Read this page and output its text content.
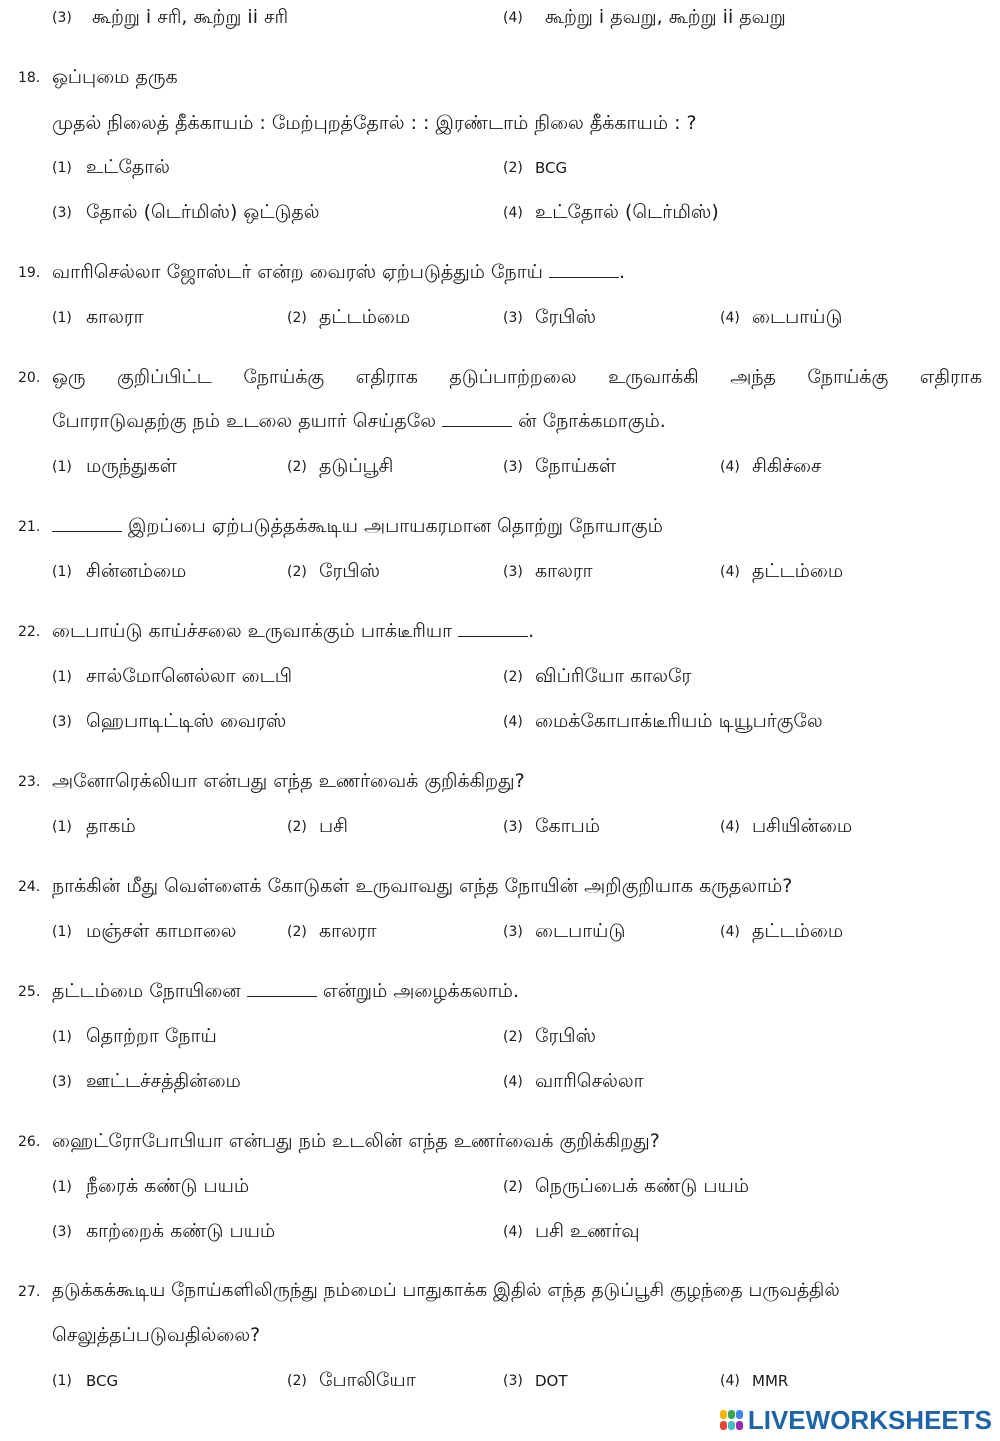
(3) கூற்று i சரி, கூற்று ii சரி	(4) கூற்று i தவறு, கூற்று ii தவறு
18. ஒப்புமை தருக
முதல் நிலைத் தீக்காயம் : மேற்புறத்தோல் : : இரண்டாம் நிலை தீக்காயம் : ?
(1) உட்தோல்	(2) BCG
(3) தோல் (டெர்மிஸ்) ஒட்டுதல்	(4) உட்தோல் (டெர்மிஸ்)
19. வாரிசெல்லா ஜோஸ்டர் என்ற வைரஸ் ஏற்படுத்தும் நோய்	.
(1) காலரா	(2) தட்டம்மை	(3) ரேபிஸ்	(4) டைபாய்டு
20. ஒரு குறிப்பிட்ட நோய்க்கு எதிராக தடுப்பாற்றலை உருவாக்கி அந்த நோய்க்கு எதிராக
போராடுவதற்கு நம் உடலை தயார் செய்தலே	ன் நோக்கமாகும்.
(1) மருந்துகள்	(2) தடுப்பூசி	(3) நோய்கள்	(4) சிகிச்சை
21.	இறப்பை ஏற்படுத்தக்கூடிய அபாயகரமான தொற்று நோயாகும்
(1) சின்னம்மை	(2) ரேபிஸ்	(3) காலரா	(4) தட்டம்மை
22. டைபாய்டு காய்ச்சலை உருவாக்கும் பாக்டீரியா	.
(1) சால்மோனெல்லா டைபி	(2) விப்ரியோ காலரே
(3) ஹெபாடிட்டிஸ் வைரஸ்	(4) மைக்கோபாக்டீரியம் டியூபர்குலே
23. அனோரெக்லியா என்பது எந்த உணர்வைக் குறிக்கிறது?
(1) தாகம்	(2) பசி	(3) கோபம்	(4) பசியின்மை
24. நாக்கின் மீது வெள்ளைக் கோடுகள் உருவாவது எந்த நோயின் அறிகுறியாக கருதலாம்?
(1) மஞ்சள் காமாலை	(2) காலரா	(3) டைபாய்டு	(4) தட்டம்மை
25. தட்டம்மை நோயினை	என்றும் அழைக்கலாம்.
(1) தொற்றா நோய்	(2) ரேபிஸ்
(3) ஊட்டச்சத்தின்மை	(4) வாரிசெல்லா
26. ஹைட்ரோபோபியா என்பது நம் உடலின் எந்த உணர்வைக் குறிக்கிறது?
(1) நீரைக் கண்டு பயம்	(2) நெருப்பைக் கண்டு பயம்
(3) காற்றைக் கண்டு பயம்	(4) பசி உணர்வு
27. தடுக்கக்கூடிய நோய்களிலிருந்து நம்மைப் பாதுகாக்க இதில் எந்த தடுப்பூசி குழந்தை பருவத்தில்
செலுத்தப்படுவதில்லை?
(1) BCG	(2) போலியோ	(3) DOT	(4) MMR
LIVEWORKSHEETS
